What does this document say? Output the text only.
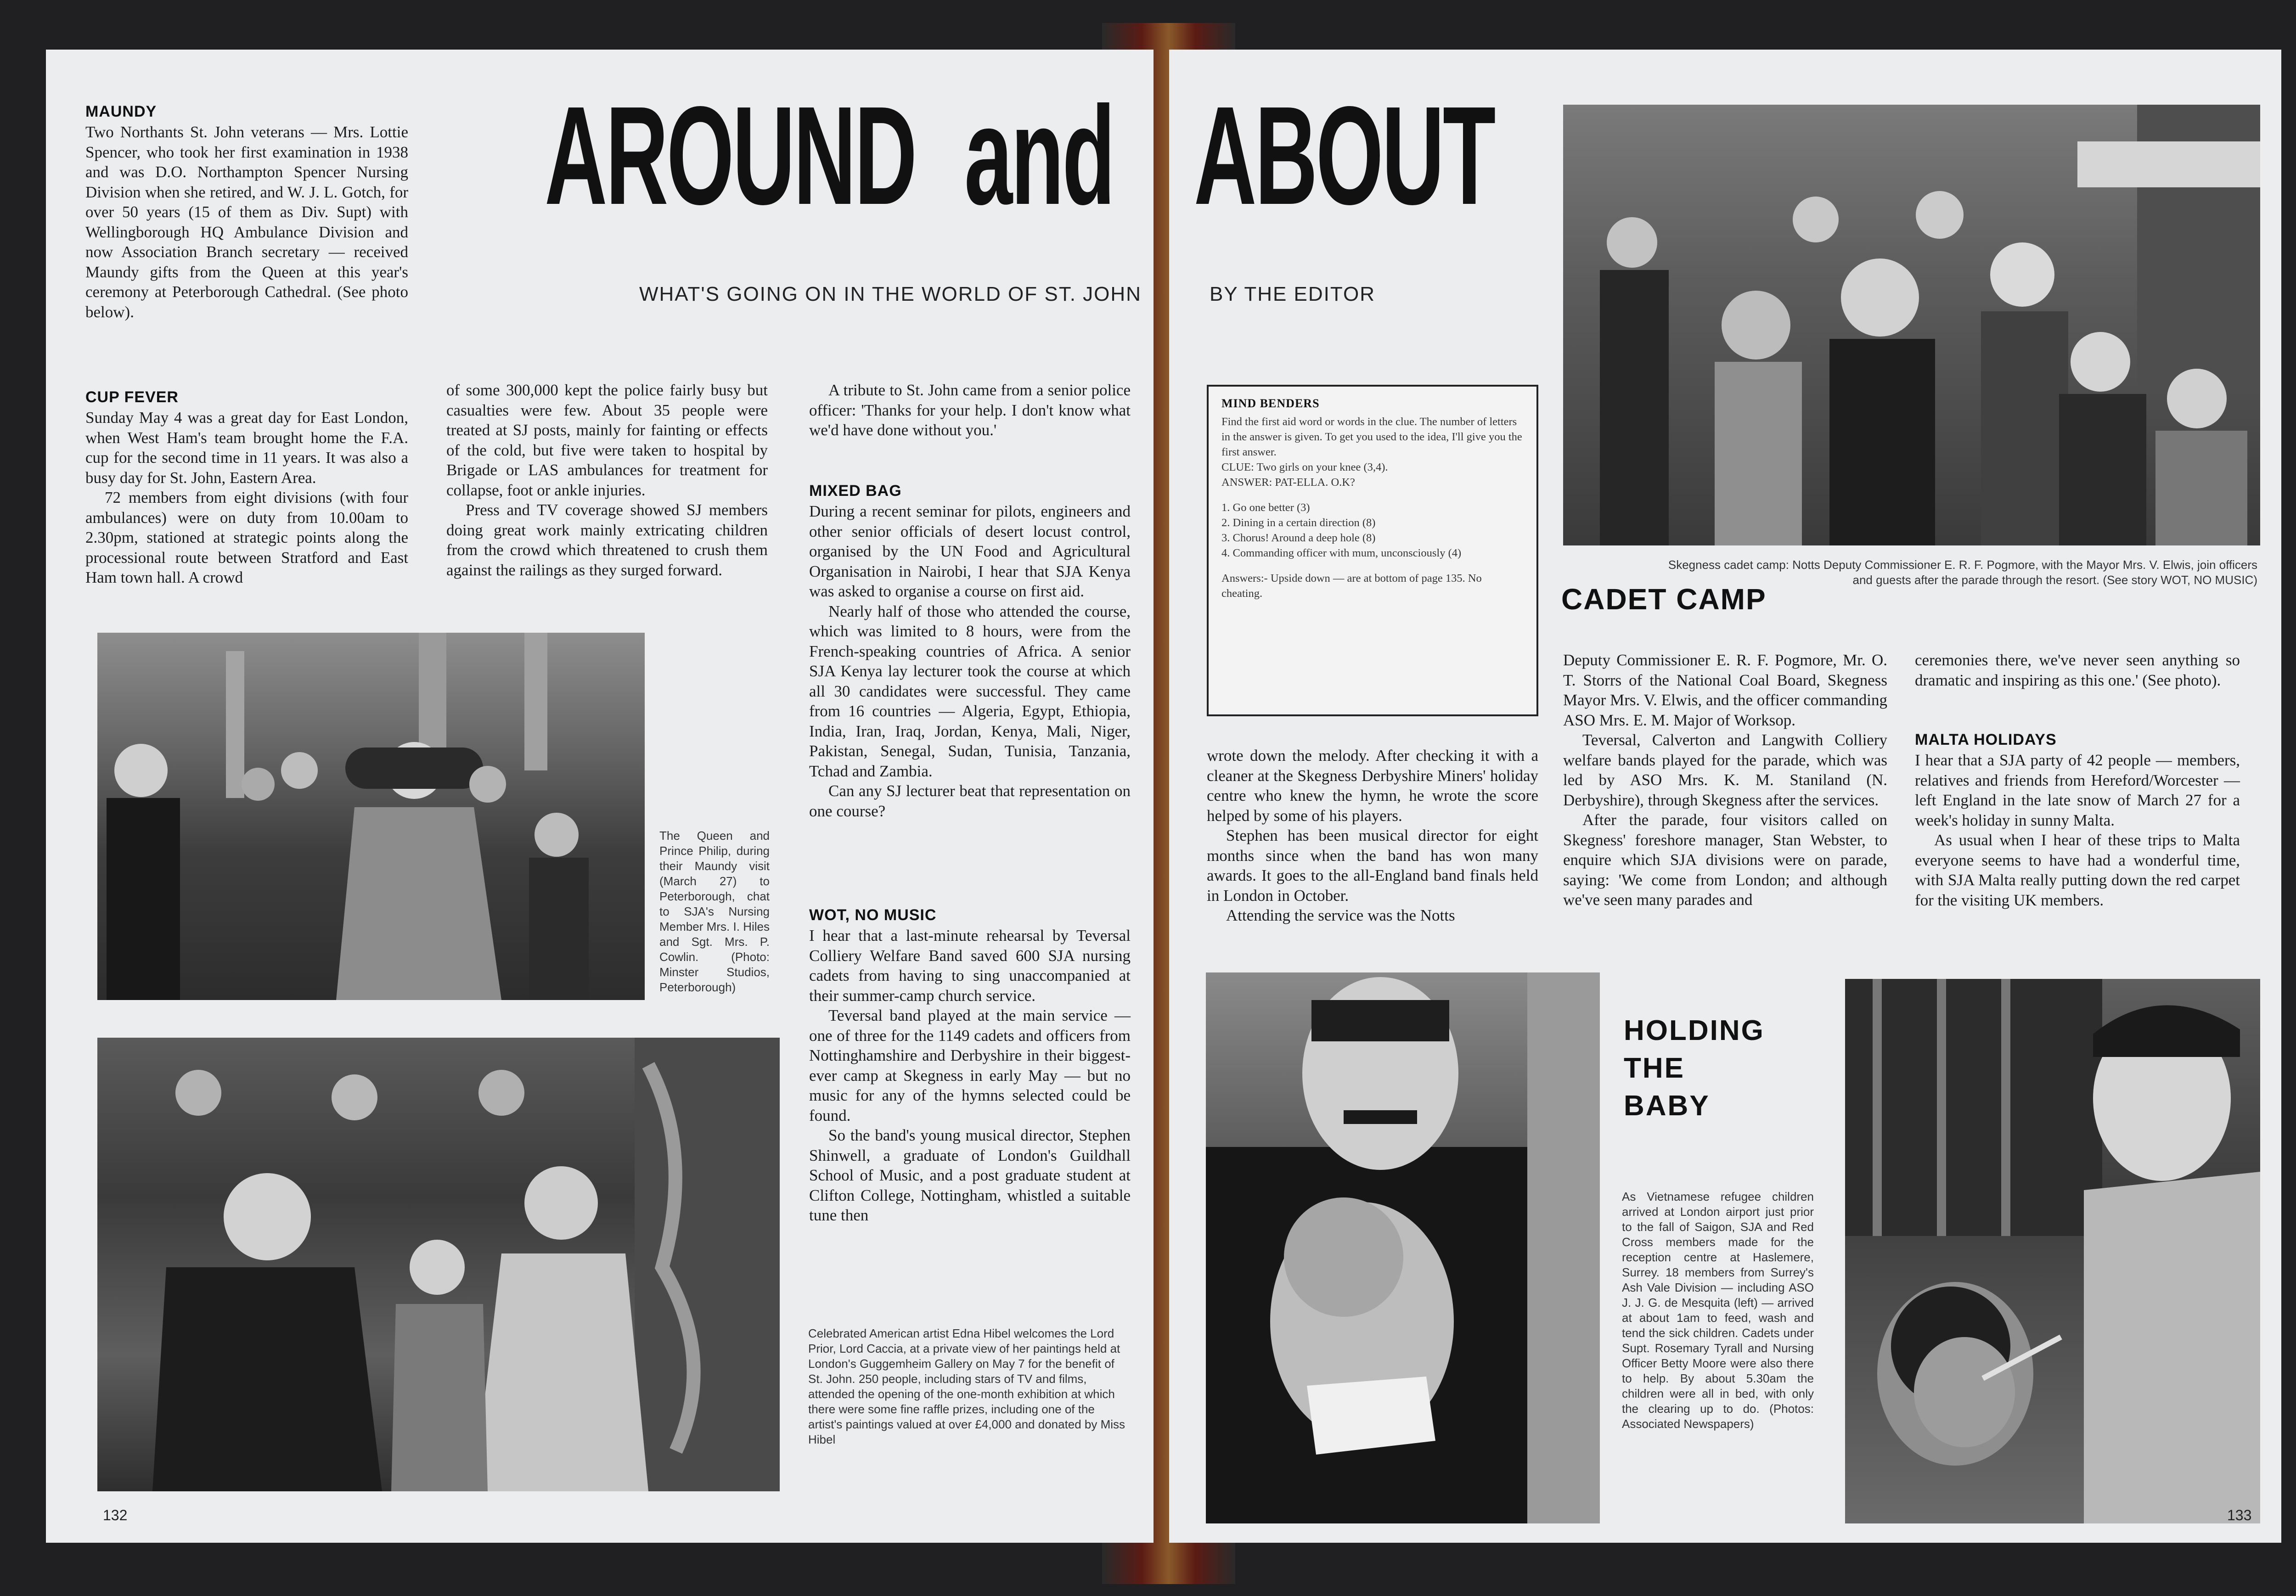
MAUNDY

Two Northants St. John veterans — Mrs. Lottie Spencer, who took her first examination in 1938 and was D.O. Northampton Spencer Nursing Division when she retired, and W. J. L. Gotch, for over 50 years (15 of them as Div. Supt) with Wellingborough HQ Ambulance Division and now Association Branch secretary — received Maundy gifts from the Queen at this year's ceremony at Peterborough Cathedral. (See photo below).

AROUND and
WHAT'S GOING ON IN THE WORLD OF ST. JOHN
CUP FEVER

Sunday May 4 was a great day for East London, when West Ham's team brought home the F.A. cup for the second time in 11 years. It was also a busy day for St. John, Eastern Area.

72 members from eight divisions (with four ambulances) were on duty from 10.00am to 2.30pm, stationed at strategic points along the processional route between Stratford and East Ham town hall. A crowd

of some 300,000 kept the police fairly busy but casualties were few. About 35 people were treated at SJ posts, mainly for fainting or effects of the cold, but five were taken to hospital by Brigade or LAS ambulances for treatment for collapse, foot or ankle injuries.

Press and TV coverage showed SJ members doing great work mainly extricating children from the crowd which threatened to crush them against the railings as they surged forward.

A tribute to St. John came from a senior police officer: 'Thanks for your help. I don't know what we'd have done without you.'

MIXED BAG

During a recent seminar for pilots, engineers and other senior officials of desert locust control, organised by the UN Food and Agricultural Organisation in Nairobi, I hear that SJA Kenya was asked to organise a course on first aid.

Nearly half of those who attended the course, which was limited to 8 hours, were from the French-speaking countries of Africa. A senior SJA Kenya lay lecturer took the course at which all 30 candidates were successful. They came from 16 countries — Algeria, Egypt, Ethiopia, India, Iran, Iraq, Jordan, Kenya, Mali, Niger, Pakistan, Senegal, Sudan, Tunisia, Tanzania, Tchad and Zambia.

Can any SJ lecturer beat that representation on one course?

WOT, NO MUSIC

I hear that a last-minute rehearsal by Teversal Colliery Welfare Band saved 600 SJA nursing cadets from having to sing unaccompanied at their summer-camp church service.

Teversal band played at the main service — one of three for the 1149 cadets and officers from Nottinghamshire and Derbyshire in their biggest-ever camp at Skegness in early May — but no music for any of the hymns selected could be found.

So the band's young musical director, Stephen Shinwell, a graduate of London's Guildhall School of Music, and a post graduate student at Clifton College, Nottingham, whistled a suitable tune then

The Queen and Prince Philip, during their Maundy visit (March 27) to Peterborough, chat to SJA's Nursing Member Mrs. I. Hiles and Sgt. Mrs. P. Cowlin. (Photo: Minster Studios, Peterborough)
Celebrated American artist Edna Hibel welcomes the Lord Prior, Lord Caccia, at a private view of her paintings held at London's Guggemheim Gallery on May 7 for the benefit of St. John. 250 people, including stars of TV and films, attended the opening of the one-month exhibition at which there were some fine raffle prizes, including one of the artist's paintings valued at over £4,000 and donated by Miss Hibel
132
ABOUT
BY THE EDITOR
MIND BENDERS
Find the first aid word or words in the clue. The number of letters in the answer is given. To get you used to the idea, I'll give you the first answer.
CLUE: Two girls on your knee (3,4).
ANSWER: PAT-ELLA. O.K?
1. Go one better (3)
2. Dining in a certain direction (8)
3. Chorus! Around a deep hole (8)
4. Commanding officer with mum, unconsciously (4)
Answers:- Upside down — are at bottom of page 135. No cheating.
Skegness cadet camp: Notts Deputy Commissioner E. R. F. Pogmore, with the Mayor Mrs. V. Elwis, join officers and guests after the parade through the resort. (See story WOT, NO MUSIC)
CADET CAMP

Deputy Commissioner E. R. F. Pogmore, Mr. O. T. Storrs of the National Coal Board, Skegness Mayor Mrs. V. Elwis, and the officer commanding ASO Mrs. E. M. Major of Worksop.

Teversal, Calverton and Langwith Colliery welfare bands played for the parade, which was led by ASO Mrs. K. M. Staniland (N. Derbyshire), through Skegness after the services.

After the parade, four visitors called on Skegness' foreshore manager, Stan Webster, to enquire which SJA divisions were on parade, saying: 'We come from London; and although we've seen many parades and

wrote down the melody. After checking it with a cleaner at the Skegness Derbyshire Miners' holiday centre who knew the hymn, he wrote the score helped by some of his players.

Stephen has been musical director for eight months since when the band has won many awards. It goes to the all-England band finals held in London in October.

Attending the service was the Notts

ceremonies there, we've never seen anything so dramatic and inspiring as this one.' (See photo).

MALTA HOLIDAYS

I hear that a SJA party of 42 people — members, relatives and friends from Hereford/Worcester — left England in the late snow of March 27 for a week's holiday in sunny Malta.

As usual when I hear of these trips to Malta everyone seems to have had a wonderful time, with SJA Malta really putting down the red carpet for the visiting UK members.

HOLDING
THE
BABY
As Vietnamese refugee children arrived at London airport just prior to the fall of Saigon, SJA and Red Cross members made for the reception centre at Haslemere, Surrey. 18 members from Surrey's Ash Vale Division — including ASO J. J. G. de Mesquita (left) — arrived at about 1am to feed, wash and tend the sick children. Cadets under Supt. Rosemary Tyrall and Nursing Officer Betty Moore were also there to help. By about 5.30am the children were all in bed, with only the clearing up to do. (Photos: Associated Newspapers)
133
